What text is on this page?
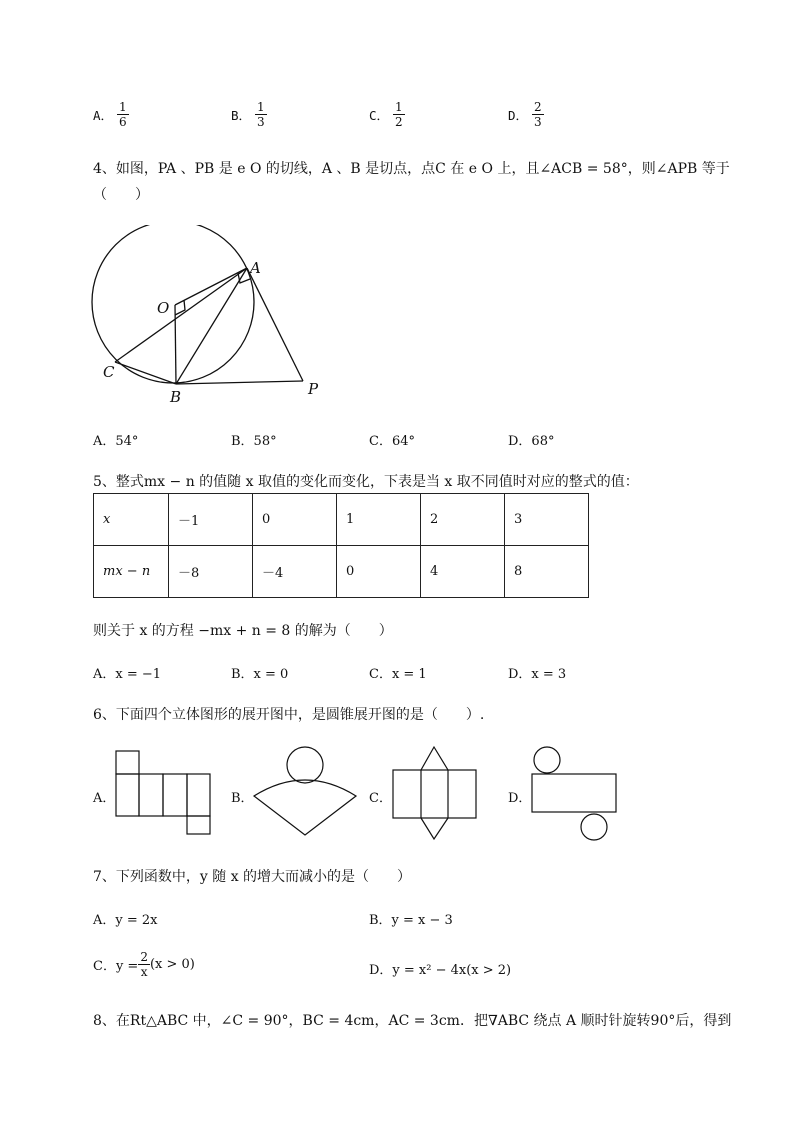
A． $\frac{1}{6}$	B． $\frac{1}{3}$	C． $\frac{1}{2}$	D． $\frac{2}{3}$
4、如图，PA 、PB 是 e O 的切线，A 、B 是切点，点C 在 e O 上，且∠ACB = 58°，则∠APB 等于
（　　）
A
O
C
B	P
A．54°	B．58°	C．64°	D．68°
5、整式mx − n 的值随 x 取值的变化而变化，下表是当 x 取不同值时对应的整式的值：
x	－1	0	1	2	3
mx − n	－8	－4	0	4	8
则关于 x 的方程 −mx + n = 8 的解为（　　）
A．x = −1	B．x = 0	C．x = 1	D．x = 3
6、下面四个立体图形的展开图中，是圆锥展开图的是（　　）.
A．	B．	C．	D．
7、下列函数中，y 随 x 的增大而减小的是（　　）
A．y = 2x	B．y = x − 3
C．$y = \frac{2}{x} (x > 0)$	D．y = x² − 4x(x > 2)
8、在Rt△ABC 中，∠C = 90°，BC = 4cm，AC = 3cm．把∇ABC 绕点 A 顺时针旋转90°后，得到
